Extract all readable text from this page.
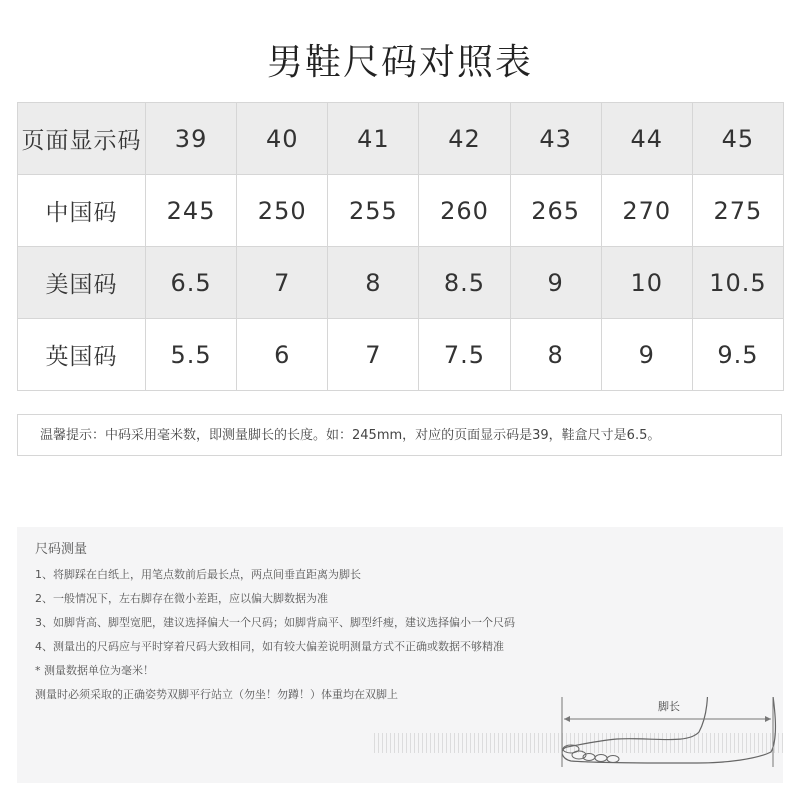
男鞋尺码对照表
页面显示码	39	40	41	42	43	44	45
中国码	245	250	255	260	265	270	275
美国码	6.5	7	8	8.5	9	10	10.5
英国码	5.5	6	7	7.5	8	9	9.5
温馨提示：中码采用毫米数，即测量脚长的长度。如：245mm，对应的页面显示码是39，鞋盒尺寸是6.5。
尺码测量
1、将脚踩在白纸上，用笔点数前后最长点，两点间垂直距离为脚长
2、一般情况下，左右脚存在微小差距，应以偏大脚数据为准
3、如脚背高、脚型宽肥，建议选择偏大一个尺码；如脚背扁平、脚型纤瘦，建议选择偏小一个尺码
4、测量出的尺码应与平时穿着尺码大致相同，如有较大偏差说明测量方式不正确或数据不够精准
* 测量数据单位为毫米！
测量时必须采取的正确姿势双脚平行站立（勿坐！勿蹲！）体重均在双脚上
脚长
